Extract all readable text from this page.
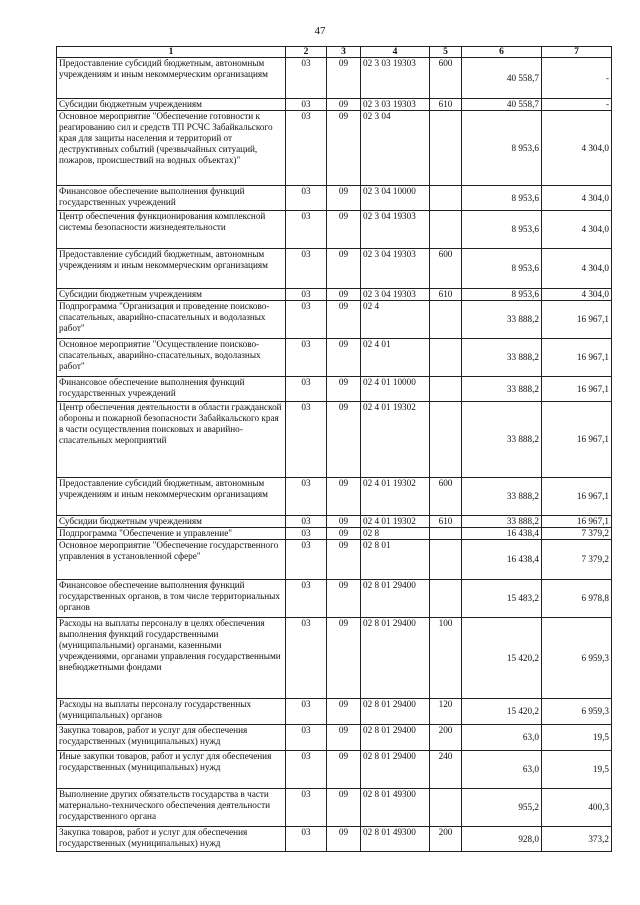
47
1	2	3	4	5	6	7
Предоставление субсидий бюджетным, автономным учреждениям и иным некоммерческим организациям	03	09	02 3 03 19303	600	40 558,7	-
Субсидии бюджетным учреждениям	03	09	02 3 03 19303	610	40 558,7	-
Основное мероприятие "Обеспечение готовности к реагированию сил и средств ТП РСЧС Забайкальского края для защиты населения и территорий от деструктивных событий (чрезвычайных ситуаций, пожаров, происшествий на водных объектах)"	03	09	02 3 04		8 953,6	4 304,0
Финансовое обеспечение выполнения функций государственных учреждений	03	09	02 3 04 10000		8 953,6	4 304,0
Центр обеспечения функционирования комплексной системы безопасности жизнедеятельности	03	09	02 3 04 19303		8 953,6	4 304,0
Предоставление субсидий бюджетным, автономным учреждениям и иным некоммерческим организациям	03	09	02 3 04 19303	600	8 953,6	4 304,0
Субсидии бюджетным учреждениям	03	09	02 3 04 19303	610	8 953,6	4 304,0
Подпрограмма "Организация и проведение поисково-спасательных, аварийно-спасательных и водолазных работ"	03	09	02 4		33 888,2	16 967,1
Основное мероприятие "Осуществление поисково-спасательных, аварийно-спасательных, водолазных работ"	03	09	02 4 01		33 888,2	16 967,1
Финансовое обеспечение выполнения функций государственных учреждений	03	09	02 4 01 10000		33 888,2	16 967,1
Центр обеспечения деятельности в области гражданской обороны и пожарной безопасности Забайкальского края в части осуществления поисковых и аварийно-спасательных мероприятий	03	09	02 4 01 19302		33 888,2	16 967,1
Предоставление субсидий бюджетным, автономным учреждениям и иным некоммерческим организациям	03	09	02 4 01 19302	600	33 888,2	16 967,1
Субсидии бюджетным учреждениям	03	09	02 4 01 19302	610	33 888,2	16 967,1
Подпрограмма "Обеспечение и управление"	03	09	02 8		16 438,4	7 379,2
Основное мероприятие "Обеспечение государственного управления в установленной сфере"	03	09	02 8 01		16 438,4	7 379,2
Финансовое обеспечение выполнения функций государственных органов, в том числе территориальных органов	03	09	02 8 01 29400		15 483,2	6 978,8
Расходы на выплаты персоналу в целях обеспечения выполнения функций государственными (муниципальными) органами, казенными учреждениями, органами управления государственными внебюджетными фондами	03	09	02 8 01 29400	100	15 420,2	6 959,3
Расходы на выплаты персоналу государственных (муниципальных) органов	03	09	02 8 01 29400	120	15 420,2	6 959,3
Закупка товаров, работ и услуг для обеспечения государственных (муниципальных) нужд	03	09	02 8 01 29400	200	63,0	19,5
Иные закупки товаров, работ и услуг для обеспечения государственных (муниципальных) нужд	03	09	02 8 01 29400	240	63,0	19,5
Выполнение других обязательств государства в части материально-технического обеспечения деятельности государственного органа	03	09	02 8 01 49300		955,2	400,3
Закупка товаров, работ и услуг для обеспечения государственных (муниципальных) нужд	03	09	02 8 01 49300	200	928,0	373,2
